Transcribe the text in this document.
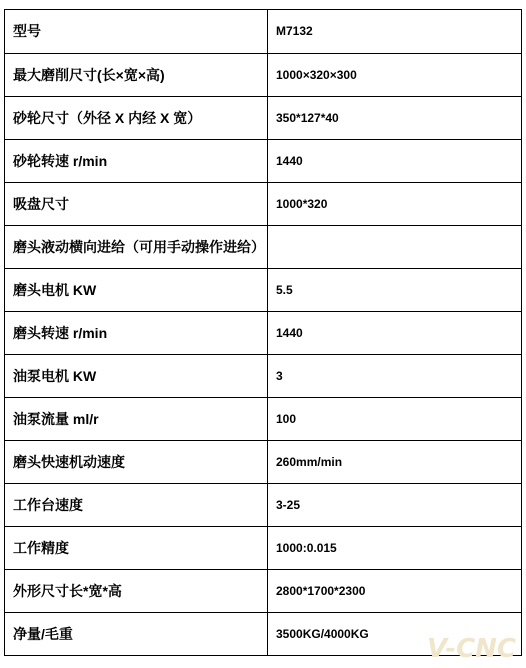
型号	M7132
最大磨削尺寸(长×宽×高)	1000×320×300
砂轮尺寸（外径 X 内经 X 宽）	350*127*40
砂轮转速 r/min	1440
吸盘尺寸	1000*320
磨头液动横向进给（可用手动操作进给）	
磨头电机 KW	5.5
磨头转速 r/min	1440
油泵电机 KW	3
油泵流量 ml/r	100
磨头快速机动速度	260mm/min
工作台速度	3-25
工作精度	1000:0.015
外形尺寸长*宽*高	2800*1700*2300
净量/毛重	3500KG/4000KG
V-CNC
